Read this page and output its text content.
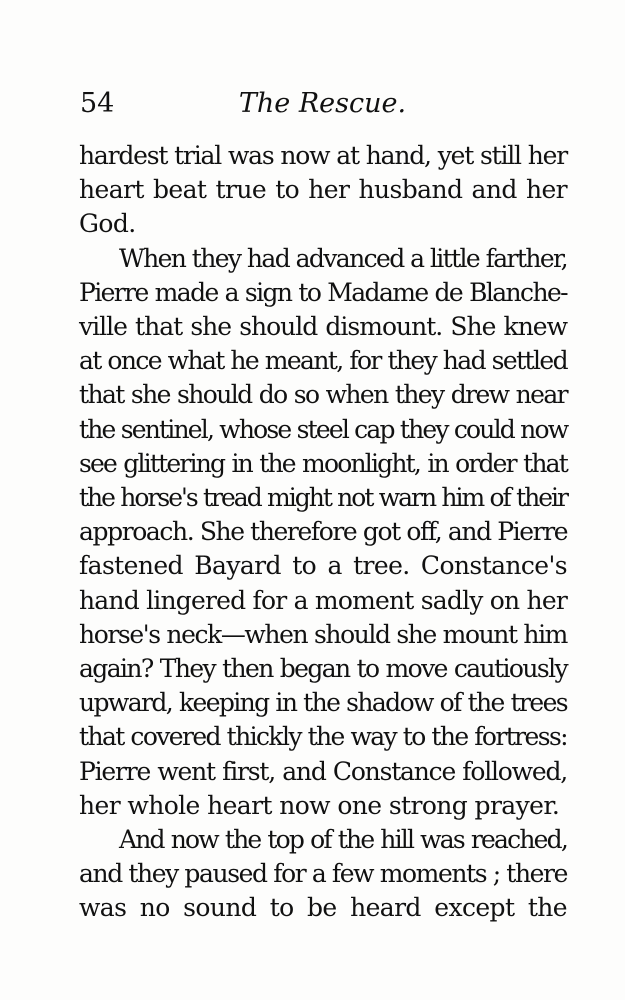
54	The Rescue.
hardest trial was now at hand, yet still her
heart beat true to her husband and her
God.
When they had advanced a little farther,
Pierre made a sign to Madame de Blanche-
ville that she should dismount. She knew
at once what he meant, for they had settled
that she should do so when they drew near
the sentinel, whose steel cap they could now
see glittering in the moonlight, in order that
the horse's tread might not warn him of their
approach. She therefore got off, and Pierre
fastened Bayard to a tree. Constance's
hand lingered for a moment sadly on her
horse's neck—when should she mount him
again? They then began to move cautiously
upward, keeping in the shadow of the trees
that covered thickly the way to the fortress:
Pierre went first, and Constance followed,
her whole heart now one strong prayer.
And now the top of the hill was reached,
and they paused for a few moments ; there
was no sound to be heard except the
